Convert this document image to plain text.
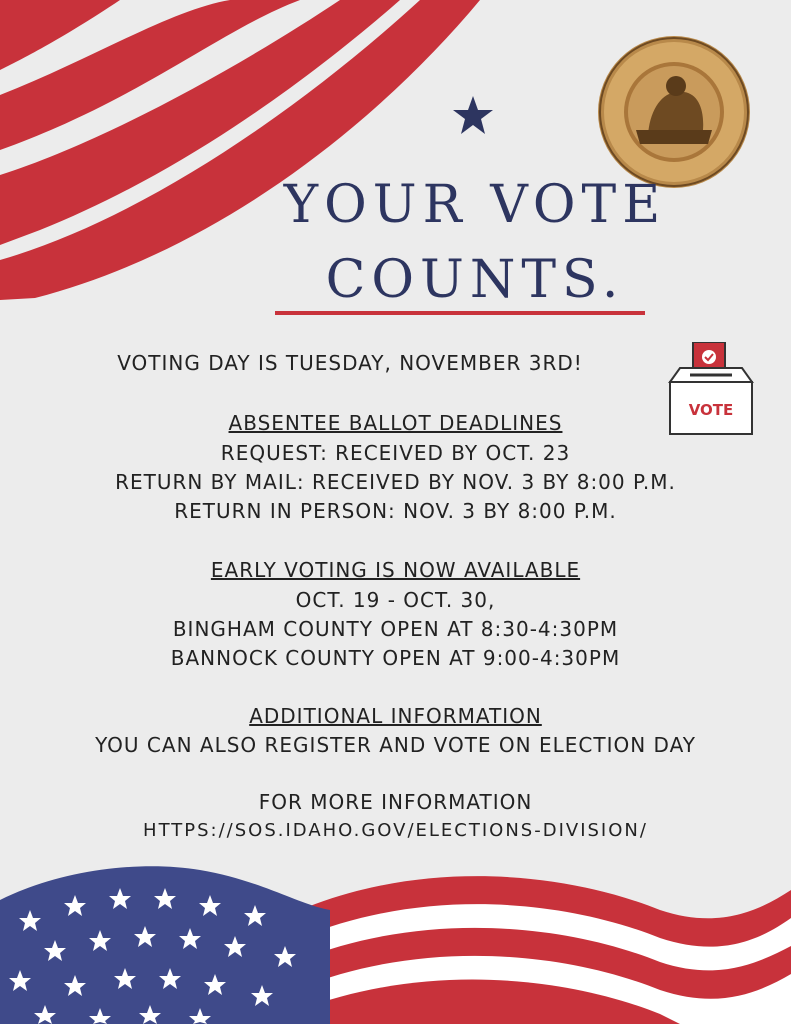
YOUR VOTE
COUNTS.
VOTE

VOTING DAY IS TUESDAY, NOVEMBER 3RD!

ABSENTEE BALLOT DEADLINES

REQUEST: RECEIVED BY OCT. 23

RETURN BY MAIL: RECEIVED BY NOV. 3 BY 8:00 P.M.

RETURN IN PERSON: NOV. 3 BY 8:00 P.M.

EARLY VOTING IS NOW AVAILABLE

OCT. 19 - OCT. 30,

BINGHAM COUNTY OPEN AT 8:30-4:30PM

BANNOCK COUNTY OPEN AT 9:00-4:30PM

ADDITIONAL INFORMATION

YOU CAN ALSO REGISTER AND VOTE ON ELECTION DAY

FOR MORE INFORMATION

HTTPS://SOS.IDAHO.GOV/ELECTIONS-DIVISION/
